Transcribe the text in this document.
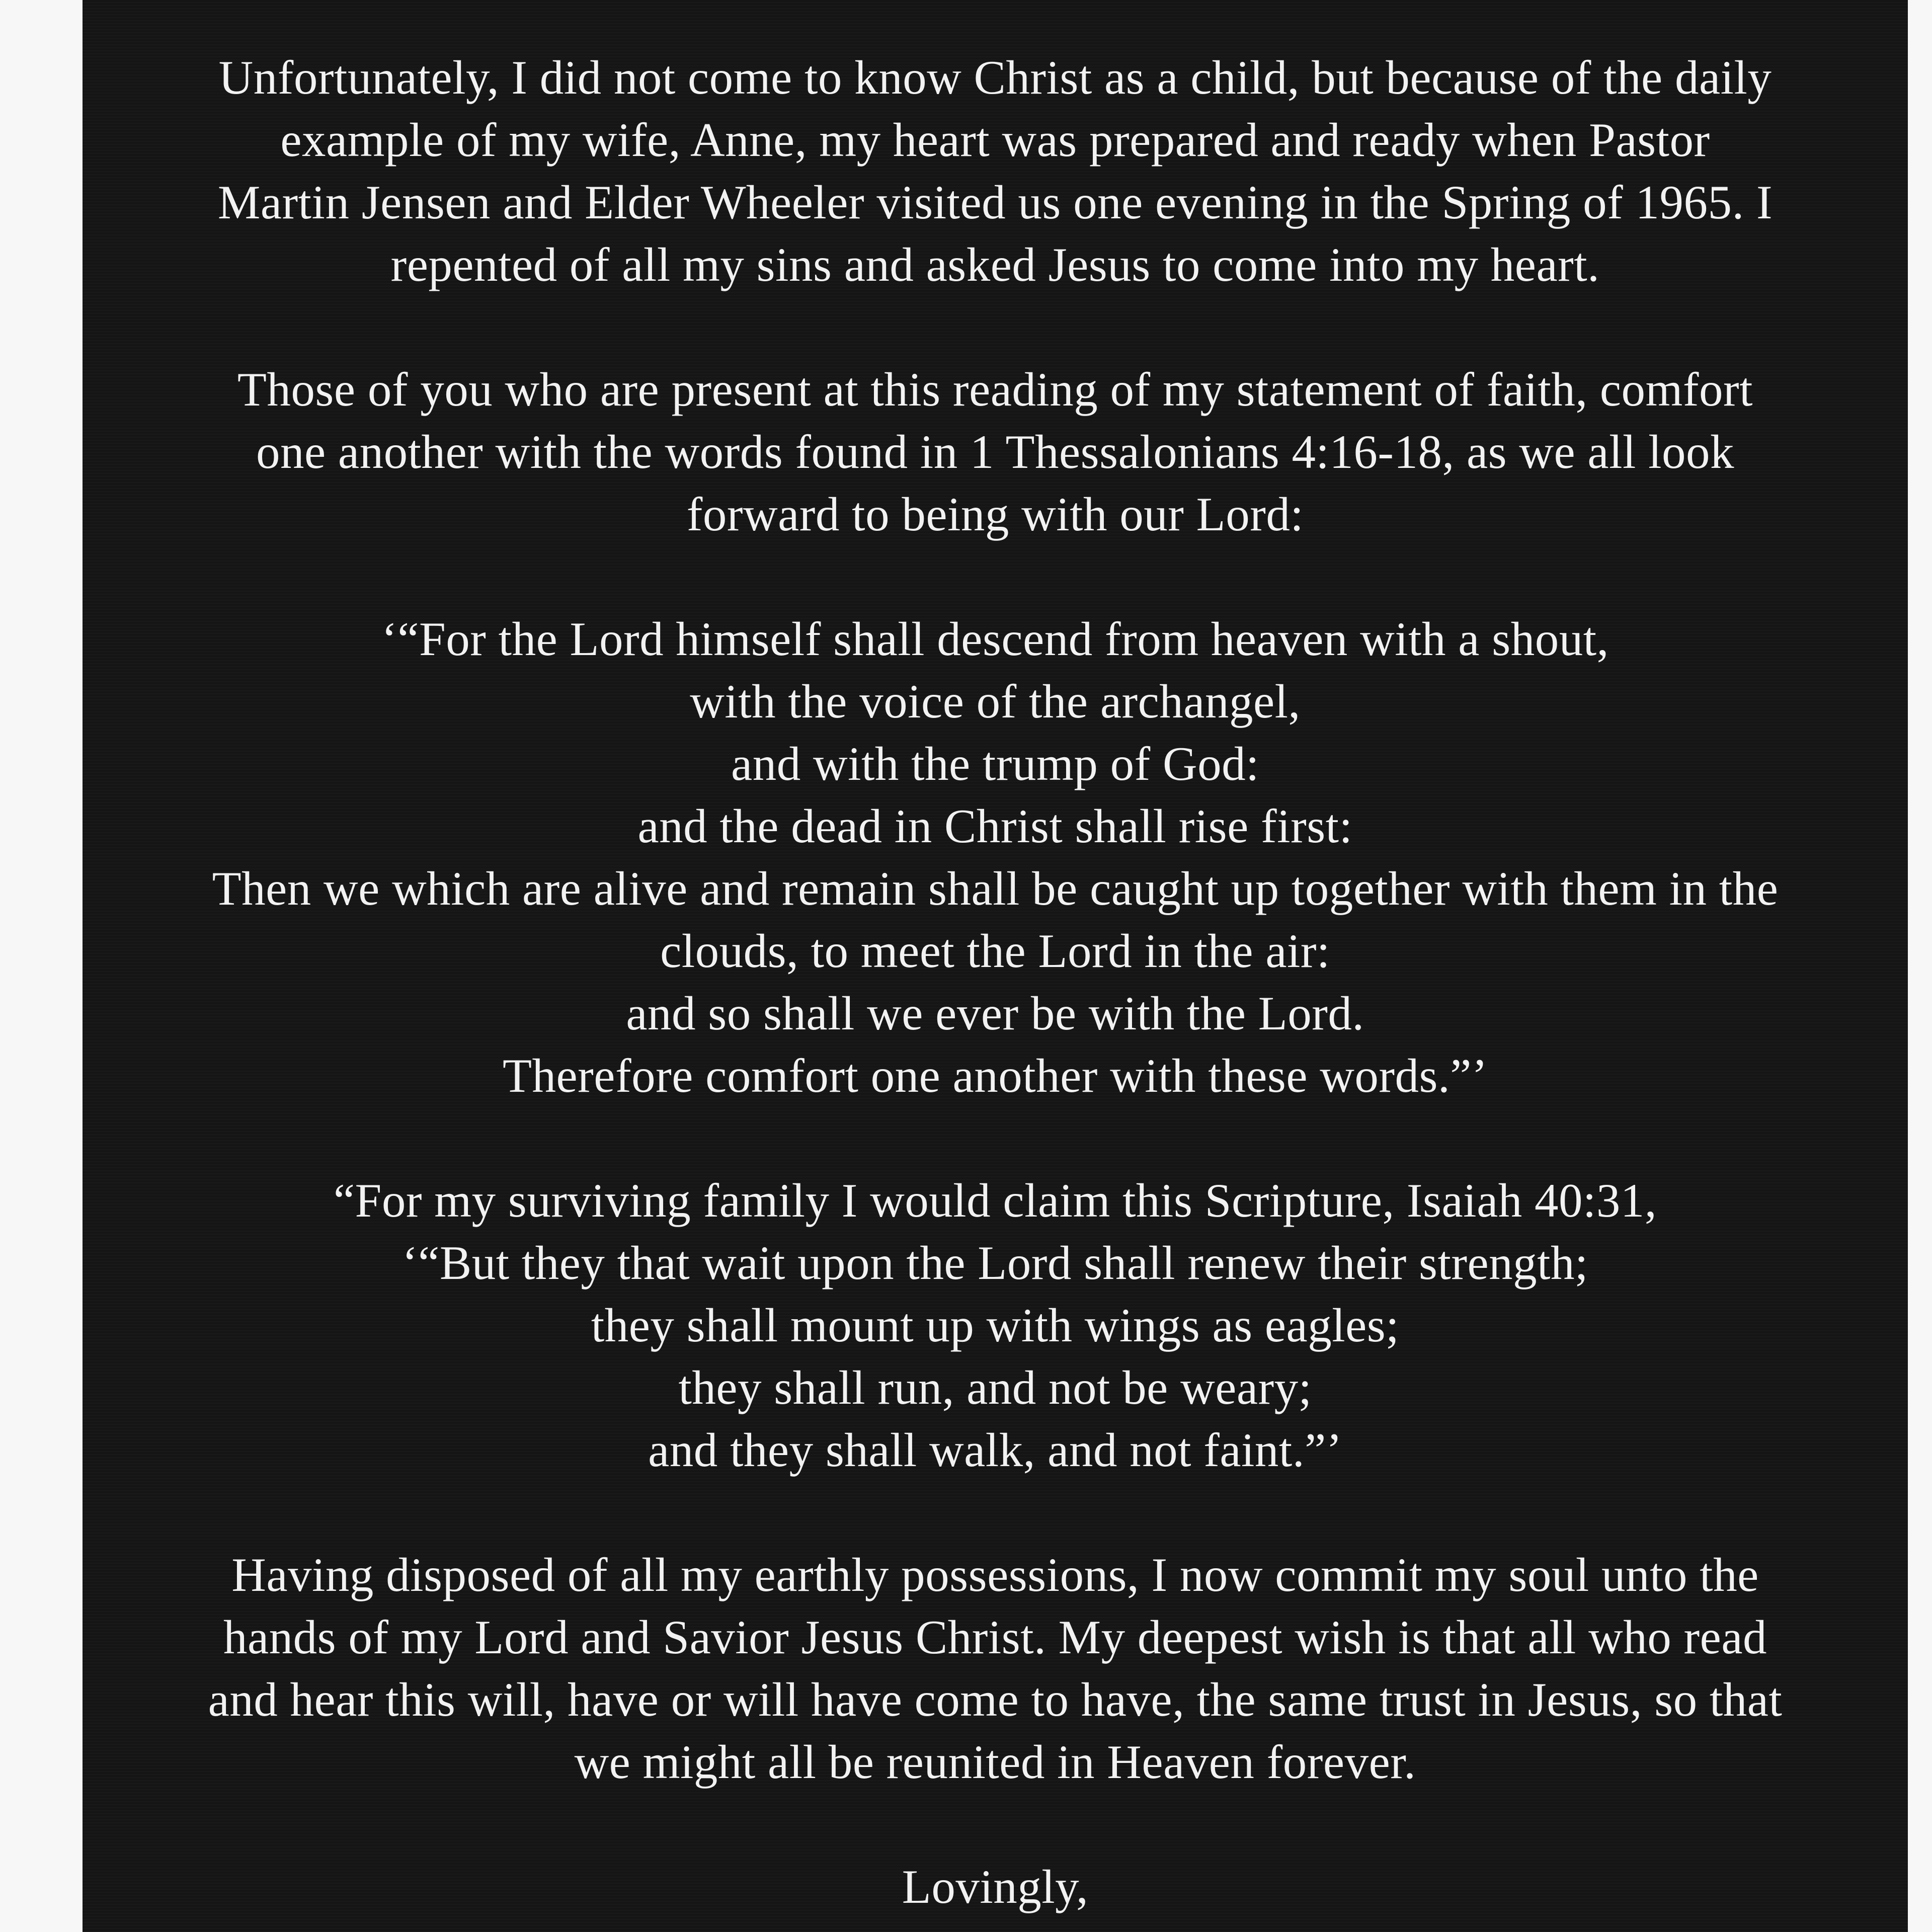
Unfortunately, I did not come to know Christ as a child, but because of the daily
example of my wife, Anne, my heart was prepared and ready when Pastor
Martin Jensen and Elder Wheeler visited us one evening in the Spring of 1965. I
repented of all my sins and asked Jesus to come into my heart.
Those of you who are present at this reading of my statement of faith, comfort
one another with the words found in 1 Thessalonians 4:16-18, as we all look
forward to being with our Lord:
‘“For the Lord himself shall descend from heaven with a shout,
with the voice of the archangel,
and with the trump of God:
and the dead in Christ shall rise first:
Then we which are alive and remain shall be caught up together with them in the
clouds, to meet the Lord in the air:
and so shall we ever be with the Lord.
Therefore comfort one another with these words.”’
“For my surviving family I would claim this Scripture, Isaiah 40:31,
‘“But they that wait upon the Lord shall renew their strength;
they shall mount up with wings as eagles;
they shall run, and not be weary;
and they shall walk, and not faint.”’
Having disposed of all my earthly possessions, I now commit my soul unto the
hands of my Lord and Savior Jesus Christ. My deepest wish is that all who read
and hear this will, have or will have come to have, the same trust in Jesus, so that
we might all be reunited in Heaven forever.
Lovingly,
